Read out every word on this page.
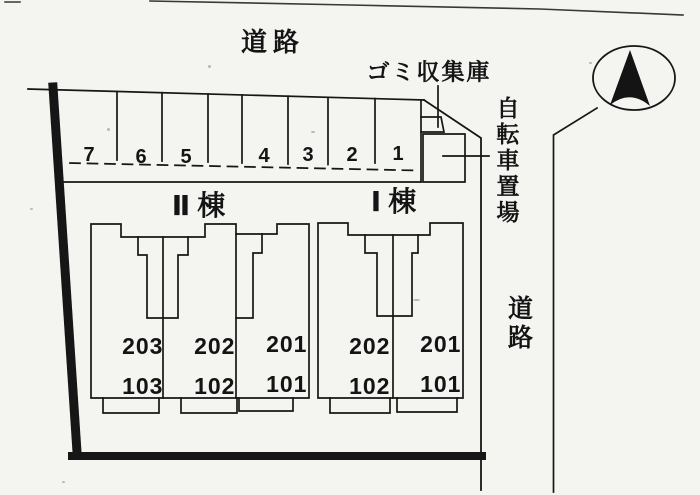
道路
ゴミ収集庫
自転車置場
道路
Ⅱ棟	Ⅰ棟
7 6 5	4 3 2 1

203

103

202

102

201

101

202

102

201

101
